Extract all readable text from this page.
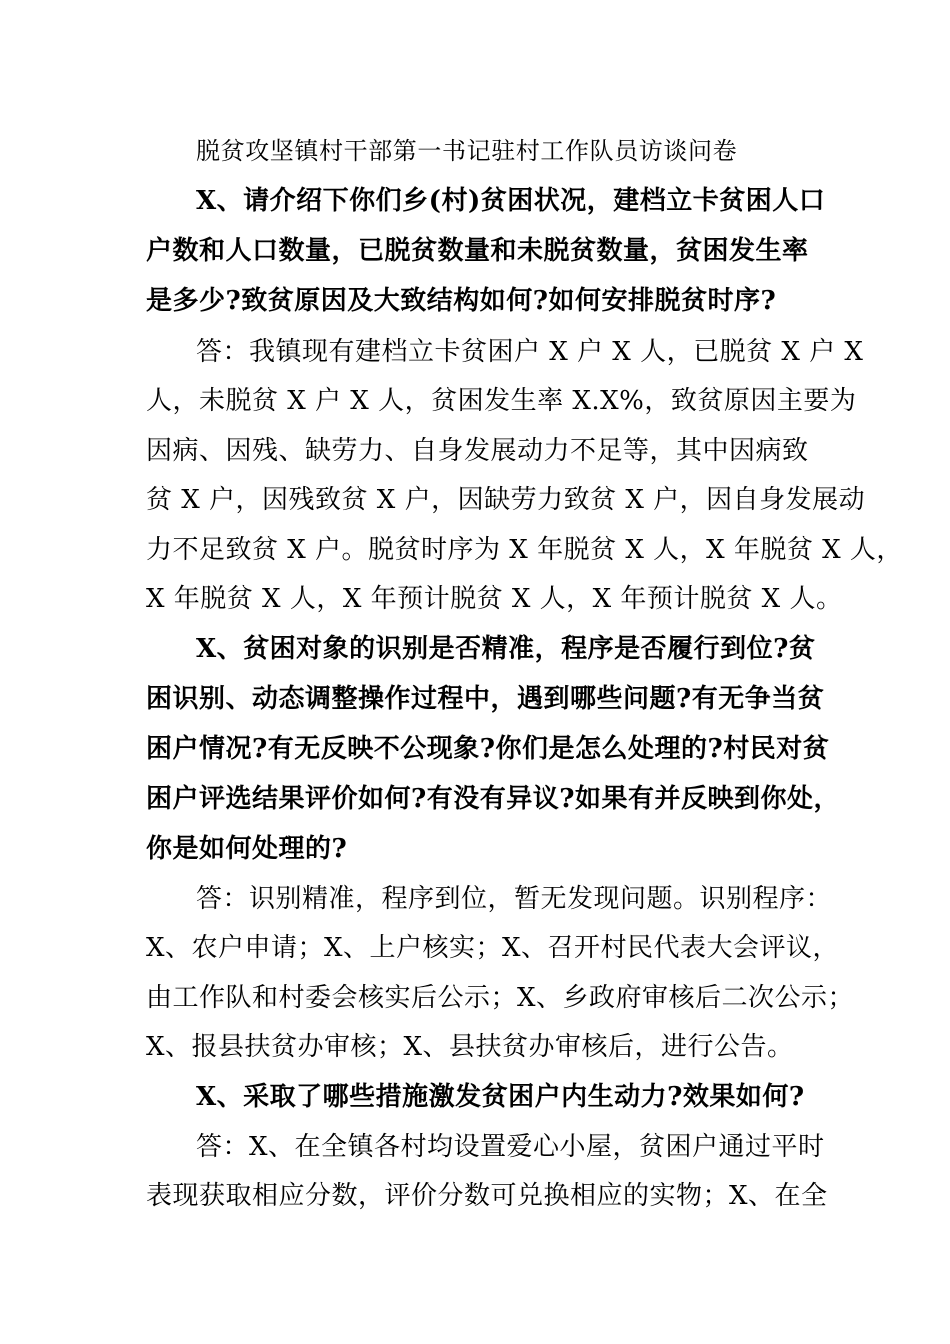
脱贫攻坚镇村干部第一书记驻村工作队员访谈问卷
X、请介绍下你们乡(村)贫困状况，建档立卡贫困人口
户数和人口数量，已脱贫数量和未脱贫数量，贫困发生率
是多少?致贫原因及大致结构如何?如何安排脱贫时序?
答：我镇现有建档立卡贫困户 X 户 X 人，已脱贫 X 户 X
人，未脱贫 X 户 X 人，贫困发生率 X.X%，致贫原因主要为
因病、因残、缺劳力、自身发展动力不足等，其中因病致
贫 X 户，因残致贫 X 户，因缺劳力致贫 X 户，因自身发展动
力不足致贫 X 户。脱贫时序为 X 年脱贫 X 人，X 年脱贫 X 人，
X 年脱贫 X 人，X 年预计脱贫 X 人，X 年预计脱贫 X 人。
X、贫困对象的识别是否精准，程序是否履行到位?贫
困识别、动态调整操作过程中，遇到哪些问题?有无争当贫
困户情况?有无反映不公现象?你们是怎么处理的?村民对贫
困户评选结果评价如何?有没有异议?如果有并反映到你处，
你是如何处理的?
答：识别精准，程序到位，暂无发现问题。识别程序：
X、农户申请；X、上户核实；X、召开村民代表大会评议，
由工作队和村委会核实后公示；X、乡政府审核后二次公示；
X、报县扶贫办审核；X、县扶贫办审核后，进行公告。
X、采取了哪些措施激发贫困户内生动力?效果如何?
答：X、在全镇各村均设置爱心小屋，贫困户通过平时
表现获取相应分数，评价分数可兑换相应的实物；X、在全
